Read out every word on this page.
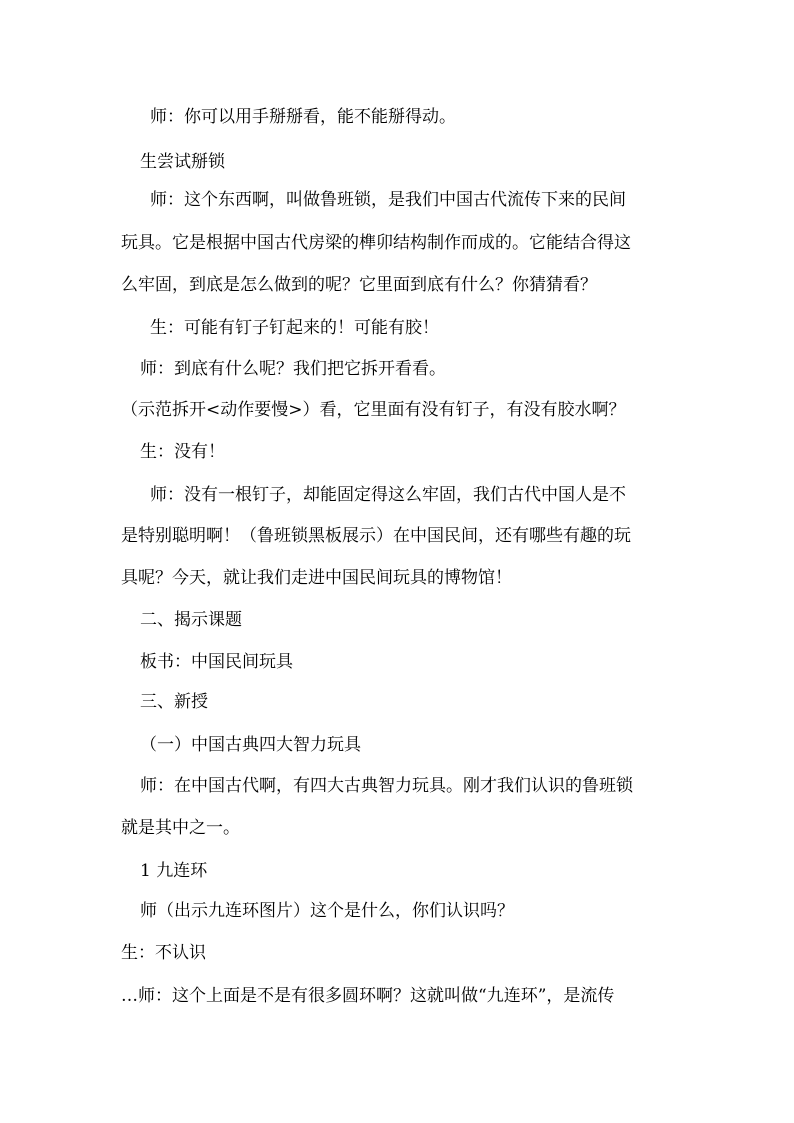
师：你可以用手掰掰看，能不能掰得动。
生尝试掰锁
师：这个东西啊，叫做鲁班锁，是我们中国古代流传下来的民间
玩具。它是根据中国古代房梁的榫卯结构制作而成的。它能结合得这
么牢固，到底是怎么做到的呢？它里面到底有什么？你猜猜看？
生：可能有钉子钉起来的！可能有胶！
师：到底有什么呢？我们把它拆开看看。
（示范拆开<动作要慢>）看，它里面有没有钉子，有没有胶水啊？
生：没有！
师：没有一根钉子，却能固定得这么牢固，我们古代中国人是不
是特别聪明啊！（鲁班锁黑板展示）在中国民间，还有哪些有趣的玩
具呢？今天，就让我们走进中国民间玩具的博物馆！
二、揭示课题
板书：中国民间玩具
三、新授
（一）中国古典四大智力玩具
师：在中国古代啊，有四大古典智力玩具。刚才我们认识的鲁班锁
就是其中之一。
1 九连环
师（出示九连环图片）这个是什么，你们认识吗？
生：不认识
…师：这个上面是不是有很多圆环啊？这就叫做“九连环”，是流传
